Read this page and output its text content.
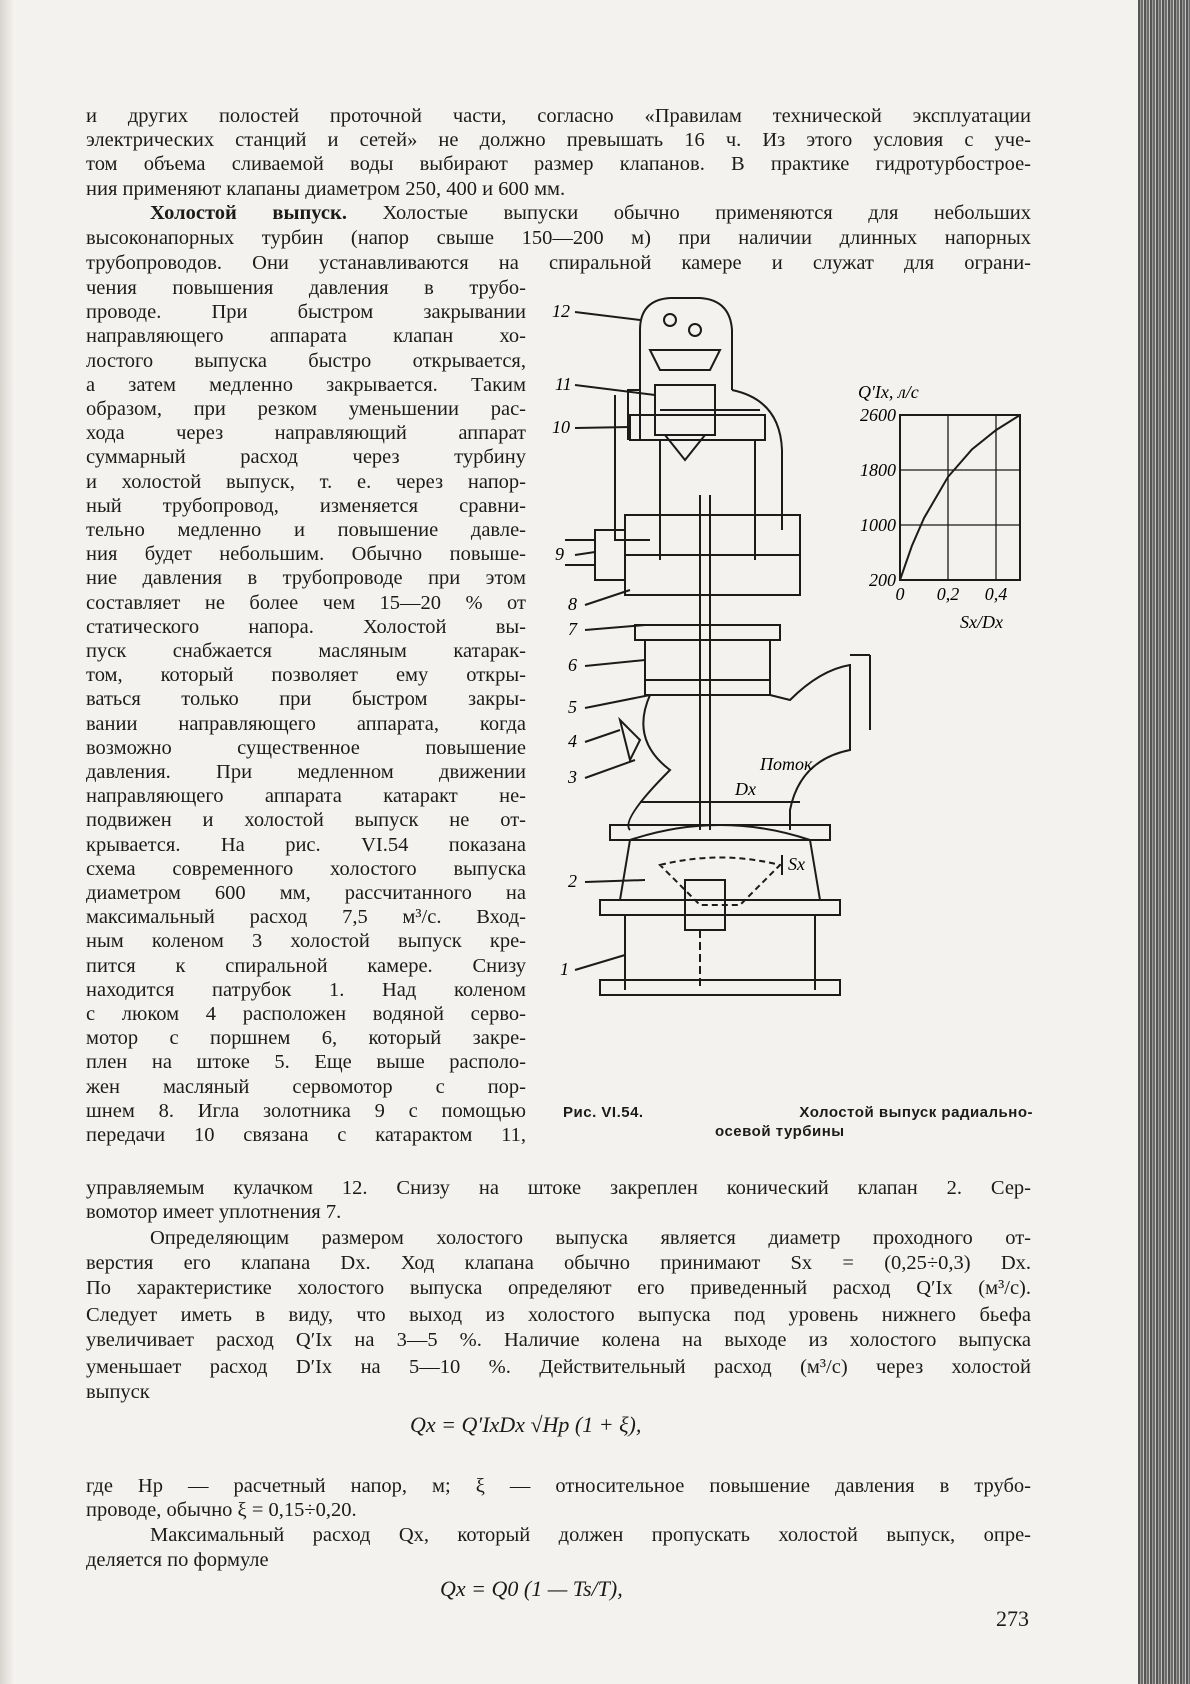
и других полостей проточной части, согласно «Правилам технической эксплуатации
электрических станций и сетей» не должно превышать 16 ч. Из этого условия с уче-
том объема сливаемой воды выбирают размер клапанов. В практике гидротурбострое-
ния применяют клапаны диаметром 250, 400 и 600 мм.
Холостой выпуск. Холостые выпуски обычно применяются для небольших
высоконапорных турбин (напор свыше 150—200 м) при наличии длинных напорных
трубопроводов. Они устанавливаются на спиральной камере и служат для ограни-
чения повышения давления в трубо-
проводе. При быстром закрывании
направляющего аппарата клапан хо-
лостого выпуска быстро открывается,
а затем медленно закрывается. Таким
образом, при резком уменьшении рас-
хода через направляющий аппарат
суммарный расход через турбину
и холостой выпуск, т. е. через напор-
ный трубопровод, изменяется сравни-
тельно медленно и повышение давле-
ния будет небольшим. Обычно повыше-
ние давления в трубопроводе при этом
составляет не более чем 15—20 % от
статического напора. Холостой вы-
пуск снабжается масляным катарак-
том, который позволяет ему откры-
ваться только при быстром закры-
вании направляющего аппарата, когда
возможно существенное повышение
давления. При медленном движении
направляющего аппарата катаракт не-
подвижен и холостой выпуск не от-
крывается. На рис. VI.54 показана
схема современного холостого выпуска
диаметром 600 мм, рассчитанного на
максимальный расход 7,5 м³/с. Вход-
ным коленом 3 холостой выпуск кре-
пится к спиральной камере. Снизу
находится патрубок 1. Над коленом
с люком 4 расположен водяной серво-
мотор с поршнем 6, который закре-
плен на штоке 5. Еще выше располо-
жен масляный сервомотор с пор-
шнем 8. Игла золотника 9 с помощью
передачи 10 связана с катарактом 11,
12
11
10
9
8
7
6
5
4
3
2
1
Поток
Dx
Sx
2600
1800
1000
200
0 0,2 0,4
Q′Ix, л/с
Sx/Dx
Рис. VI.54.	Холостой выпуск радиально-
осевой турбины
управляемым кулачком 12. Снизу на штоке закреплен конический клапан 2. Сер-
вомотор имеет уплотнения 7.
Определяющим размером холостого выпуска является диаметр проходного от-
верстия его клапана Dx. Ход клапана обычно принимают Sx = (0,25÷0,3) Dx.
По характеристике холостого выпуска определяют его приведенный расход Q′Ix (м³/с).
Следует иметь в виду, что выход из холостого выпуска под уровень нижнего бьефа
увеличивает расход Q′Ix на 3—5 %. Наличие колена на выходе из холостого выпуска
уменьшает расход D′Ix на 5—10 %. Действительный расход (м³/с) через холостой
выпуск
Qx = Q′IxDx √Hp (1 + ξ),
где Hp — расчетный напор, м; ξ — относительное повышение давления в трубо-
проводе, обычно ξ = 0,15÷0,20.
Максимальный расход Qx, который должен пропускать холостой выпуск, опре-
деляется по формуле
Qx = Q0 (1 — Ts/T),
273
